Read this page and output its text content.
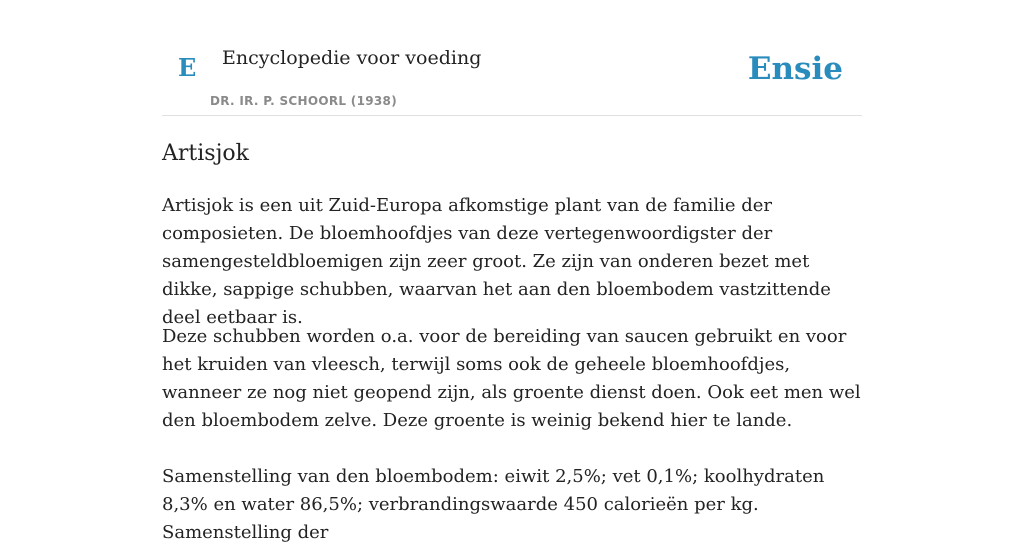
E Encyclopedie voor voeding
DR. IR. P. SCHOORL (1938)
Ensie
Artisjok

Artisjok is een uit Zuid-Europa afkomstige plant van de familie der composieten. De bloemhoofdjes van deze vertegenwoordigster der samengesteldbloemigen zijn zeer groot. Ze zijn van onderen bezet met dikke, sappige schubben, waarvan het aan den bloembodem vastzittende deel eetbaar is.

Deze schubben worden o.a. voor de bereiding van saucen gebruikt en voor het kruiden van vleesch, terwijl soms ook de geheele bloemhoofdjes, wanneer ze nog niet geopend zijn, als groente dienst doen. Ook eet men wel den bloembodem zelve. Deze groente is weinig bekend hier te lande.

Samenstelling van den bloembodem: eiwit 2,5%; vet 0,1%; koolhydraten 8,3% en water 86,5%; verbrandingswaarde 450 calorieën per kg. Samenstelling der
